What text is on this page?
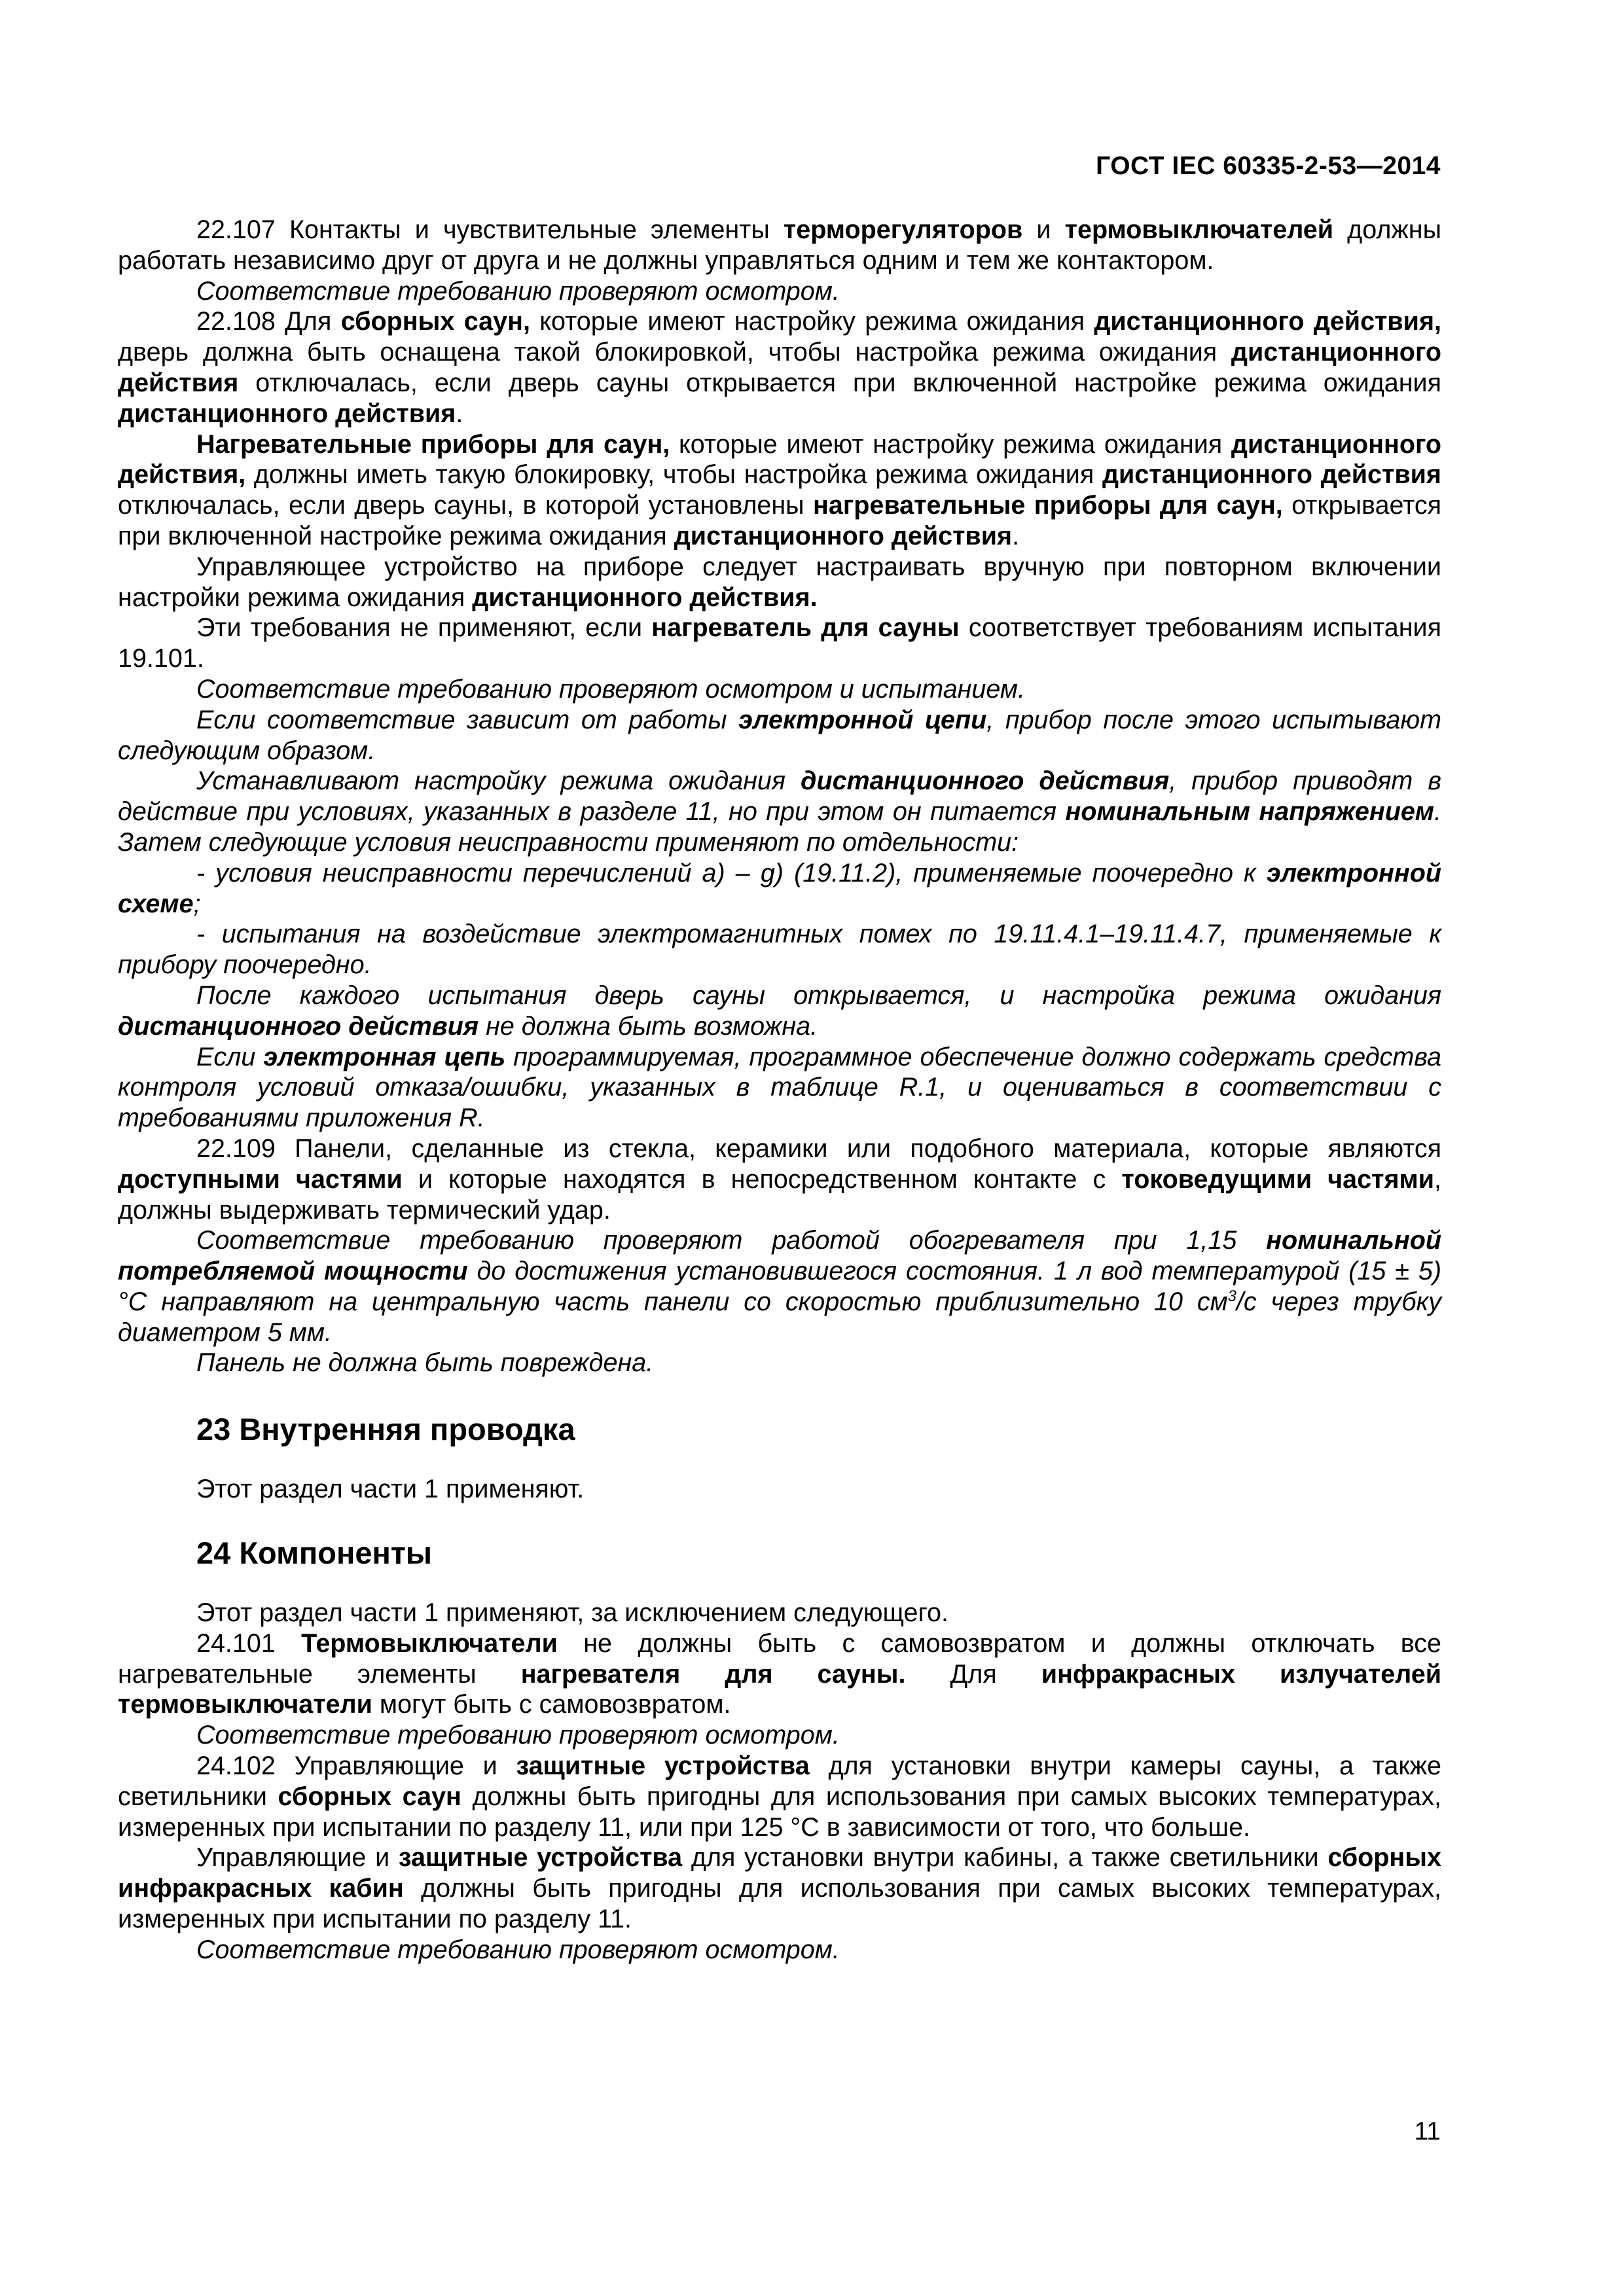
ГОСТ IEC 60335-2-53—2014

22.107 Контакты и чувствительные элементы терморегуляторов и термовыключателей должны работать независимо друг от друга и не должны управляться одним и тем же контактором.

Соответствие требованию проверяют осмотром.

22.108 Для сборных саун, которые имеют настройку режима ожидания дистанционного действия, дверь должна быть оснащена такой блокировкой, чтобы настройка режима ожидания дистанционного действия отключалась, если дверь сауны открывается при включенной настройке режима ожидания дистанционного действия.

Нагревательные приборы для саун, которые имеют настройку режима ожидания дистанционного действия, должны иметь такую блокировку, чтобы настройка режима ожидания дистанционного действия отключалась, если дверь сауны, в которой установлены нагревательные приборы для саун, открывается при включенной настройке режима ожидания дистанционного действия.

Управляющее устройство на приборе следует настраивать вручную при повторном включении настройки режима ожидания дистанционного действия.

Эти требования не применяют, если нагреватель для сауны соответствует требованиям испытания 19.101.

Соответствие требованию проверяют осмотром и испытанием.

Если соответствие зависит от работы электронной цепи, прибор после этого испытывают следующим образом.

Устанавливают настройку режима ожидания дистанционного действия, прибор приводят в действие при условиях, указанных в разделе 11, но при этом он питается номинальным напряжением. Затем следующие условия неисправности применяют по отдельности:

- условия неисправности перечислений a) – g) (19.11.2), применяемые поочередно к электронной схеме;

- испытания на воздействие электромагнитных помех по 19.11.4.1–19.11.4.7, применяемые к прибору поочередно.

После каждого испытания дверь сауны открывается, и настройка режима ожидания дистанционного действия не должна быть возможна.

Если электронная цепь программируемая, программное обеспечение должно содержать средства контроля условий отказа/ошибки, указанных в таблице R.1, и оцениваться в соответствии с требованиями приложения R.

22.109 Панели, сделанные из стекла, керамики или подобного материала, которые являются доступными частями и которые находятся в непосредственном контакте с токоведущими частями, должны выдерживать термический удар.

Соответствие требованию проверяют работой обогревателя при 1,15 номинальной потребляемой мощности до достижения установившегося состояния. 1 л вод температурой (15 ± 5) °С направляют на центральную часть панели со скоростью приблизительно 10 $см^3/с$ через трубку диаметром 5 мм.

Панель не должна быть повреждена.

23 Внутренняя проводка

Этот раздел части 1 применяют.

24 Компоненты

Этот раздел части 1 применяют, за исключением следующего.

24.101 Термовыключатели не должны быть с самовозвратом и должны отключать все нагревательные элементы нагревателя для сауны. Для инфракрасных излучателей термовыключатели могут быть с самовозвратом.

Соответствие требованию проверяют осмотром.

24.102 Управляющие и защитные устройства для установки внутри камеры сауны, а также светильники сборных саун должны быть пригодны для использования при самых высоких температурах, измеренных при испытании по разделу 11, или при 125 °С в зависимости от того, что больше.

Управляющие и защитные устройства для установки внутри кабины, а также светильники сборных инфракрасных кабин должны быть пригодны для использования при самых высоких температурах, измеренных при испытании по разделу 11.

Соответствие требованию проверяют осмотром.

11
